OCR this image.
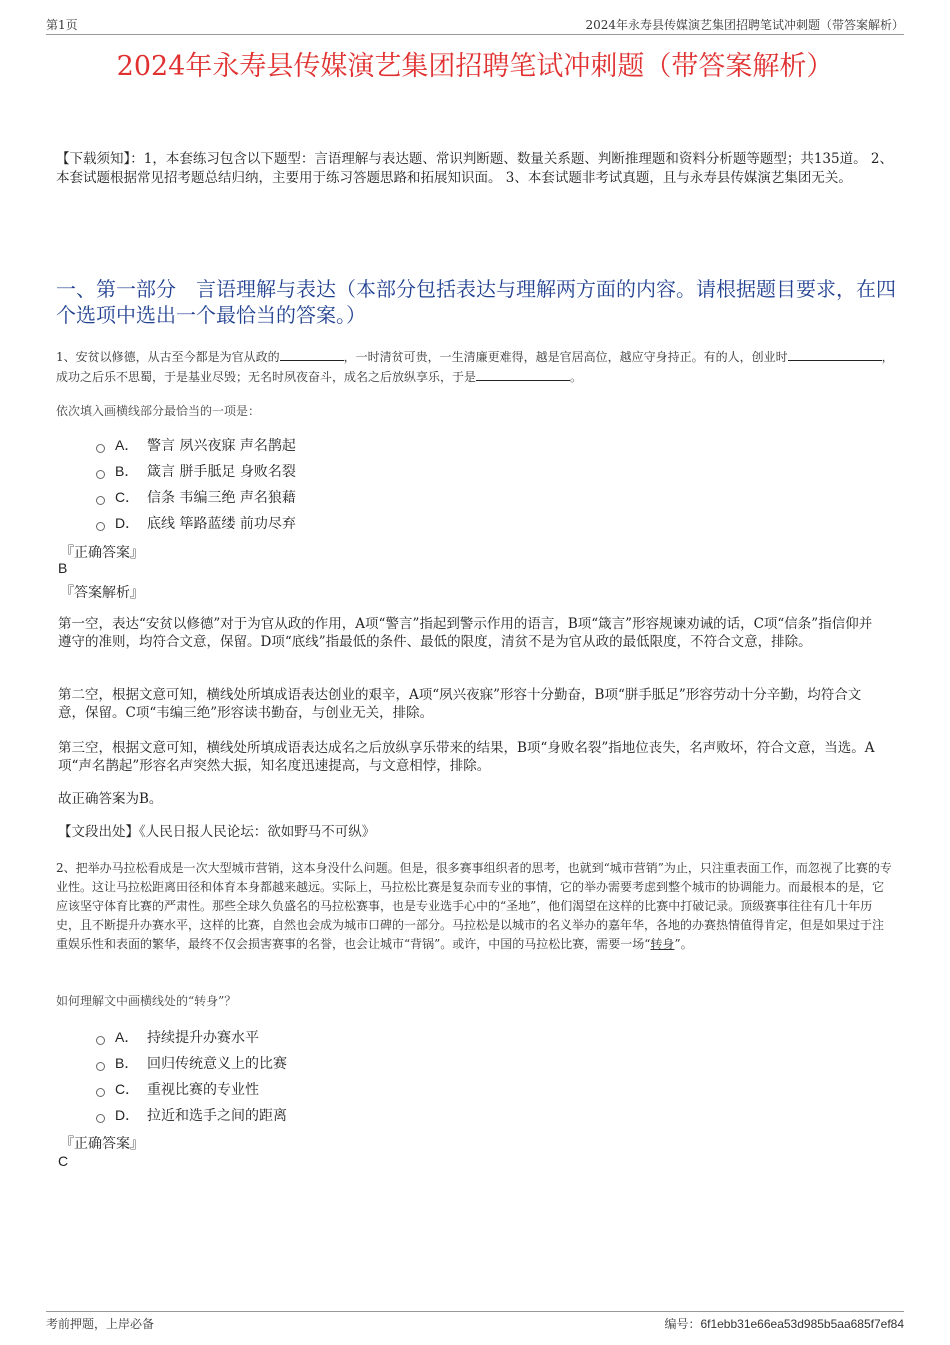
第1页	2024年永寿县传媒演艺集团招聘笔试冲刺题（带答案解析）
2024年永寿县传媒演艺集团招聘笔试冲刺题（带答案解析）
【下载须知】：1，本套练习包含以下题型：言语理解与表达题、常识判断题、数量关系题、判断推理题和资料分析题等题型；共135道。 2、本套试题根据常见招考题总结归纳，主要用于练习答题思路和拓展知识面。 3、本套试题非考试真题，且与永寿县传媒演艺集团无关。
一、第一部分　言语理解与表达（本部分包括表达与理解两方面的内容。请根据题目要求，在四个选项中选出一个最恰当的答案。）
1、安贫以修德，从古至今都是为官从政的	，一时清贫可贵，一生清廉更难得，越是官居高位，越应守身持正。有的人，创业时	，成功之后乐不思蜀，于是基业尽毁；无名时夙夜奋斗，成名之后放纵享乐，于是	。
依次填入画横线部分最恰当的一项是：
A． 警言 夙兴夜寐 声名鹊起
B． 箴言 胼手胝足 身败名裂
C． 信条 韦编三绝 声名狼藉
D． 底线 筚路蓝缕 前功尽弃
『正确答案』
B
『答案解析』
第一空，表达“安贫以修德”对于为官从政的作用，A项“警言”指起到警示作用的语言，B项“箴言”形容规谏劝诫的话，C项“信条”指信仰并遵守的准则，均符合文意，保留。D项“底线”指最低的条件、最低的限度，清贫不是为官从政的最低限度，不符合文意，排除。
第二空，根据文意可知，横线处所填成语表达创业的艰辛，A项“夙兴夜寐”形容十分勤奋，B项“胼手胝足”形容劳动十分辛勤，均符合文意，保留。C项“韦编三绝”形容读书勤奋，与创业无关，排除。
第三空，根据文意可知，横线处所填成语表达成名之后放纵享乐带来的结果，B项“身败名裂”指地位丧失，名声败坏，符合文意，当选。A项“声名鹊起”形容名声突然大振，知名度迅速提高，与文意相悖，排除。
故正确答案为B。
【文段出处】《人民日报人民论坛：欲如野马不可纵》
2、把举办马拉松看成是一次大型城市营销，这本身没什么问题。但是，很多赛事组织者的思考，也就到“城市营销”为止，只注重表面工作，而忽视了比赛的专业性。这让马拉松距离田径和体育本身都越来越远。实际上，马拉松比赛是复杂而专业的事情，它的举办需要考虑到整个城市的协调能力。而最根本的是，它应该坚守体育比赛的严肃性。那些全球久负盛名的马拉松赛事，也是专业选手心中的“圣地”，他们渴望在这样的比赛中打破记录。顶级赛事往往有几十年历史，且不断提升办赛水平，这样的比赛，自然也会成为城市口碑的一部分。马拉松是以城市的名义举办的嘉年华，各地的办赛热情值得肯定，但是如果过于注重娱乐性和表面的繁华，最终不仅会损害赛事的名誉，也会让城市“背锅”。或许，中国的马拉松比赛，需要一场“转身”。
如何理解文中画横线处的“转身”？
A． 持续提升办赛水平
B． 回归传统意义上的比赛
C． 重视比赛的专业性
D． 拉近和选手之间的距离
『正确答案』
C
考前押题，上岸必备	编号：6f1ebb31e66ea53d985b5aa685f7ef84
